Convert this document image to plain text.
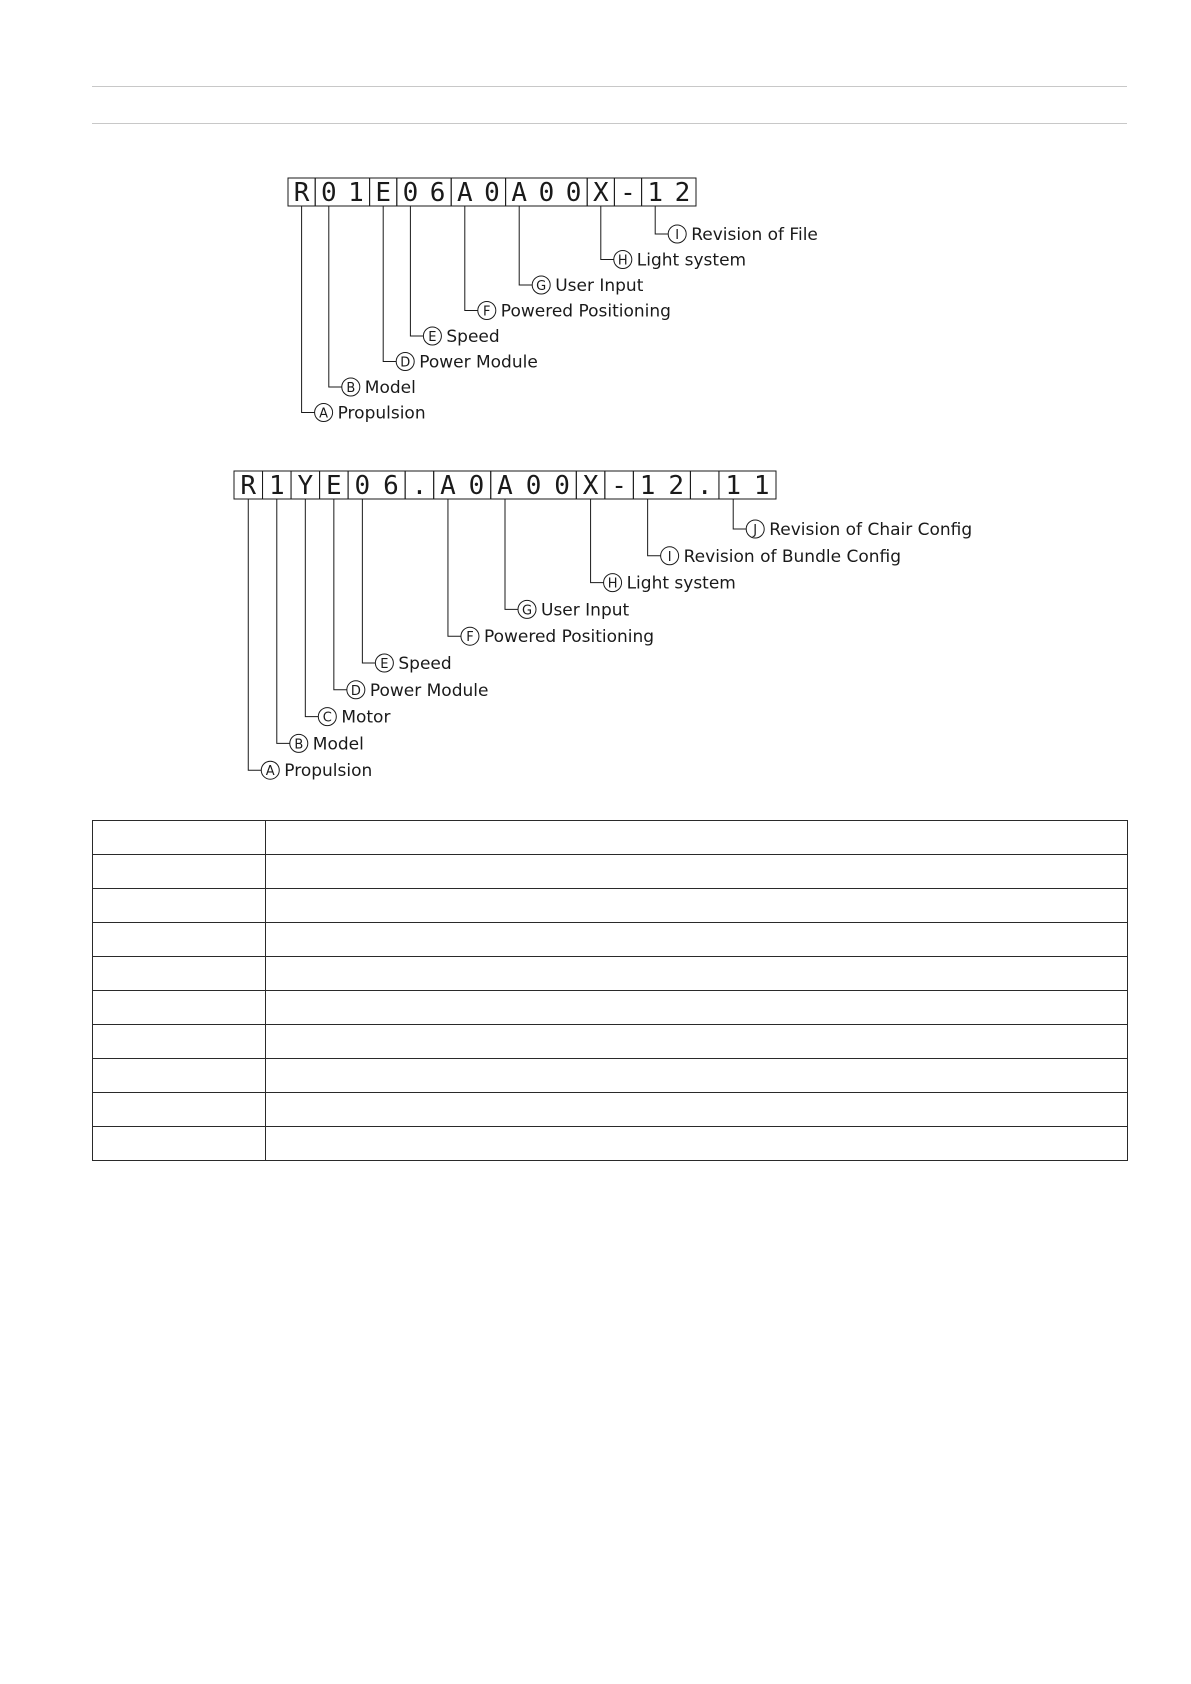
R 0 1 E 0 6 A 0 A 0 0 X - 1 2
A Propulsion
B Model
D Power Module
E Speed
F Powered Positioning
G User Input
H Light system
I Revision of File
R 1 Y E 0 6 . A 0 A 0 0 X - 1 2 . 1 1
A Propulsion
B Model
C Motor
D Power Module
E Speed
F Powered Positioning
G User Input
H Light system
I Revision of Bundle Config
J Revision of Chair Config
